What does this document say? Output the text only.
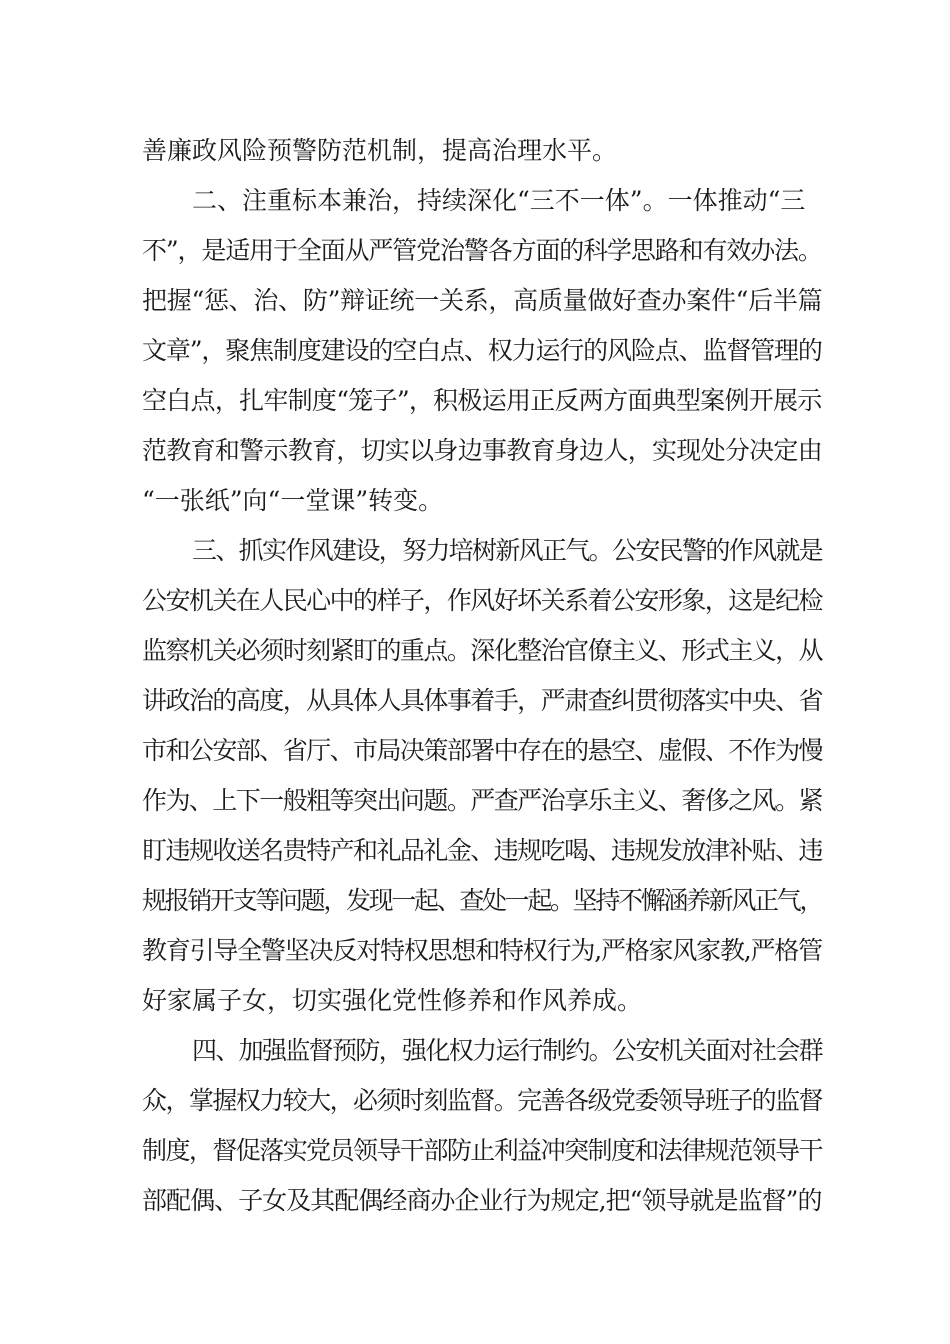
善廉政风险预警防范机制，提高治理水平。
二、注重标本兼治，持续深化“三不一体”。一体推动“三
不”，是适用于全面从严管党治警各方面的科学思路和有效办法。
把握“惩、治、防”辩证统一关系，高质量做好查办案件“后半篇
文章”，聚焦制度建设的空白点、权力运行的风险点、监督管理的
空白点，扎牢制度“笼子”，积极运用正反两方面典型案例开展示
范教育和警示教育，切实以身边事教育身边人，实现处分决定由
“一张纸”向“一堂课”转变。
三、抓实作风建设，努力培树新风正气。公安民警的作风就是
公安机关在人民心中的样子，作风好坏关系着公安形象，这是纪检
监察机关必须时刻紧盯的重点。深化整治官僚主义、形式主义，从
讲政治的高度，从具体人具体事着手，严肃查纠贯彻落实中央、省
市和公安部、省厅、市局决策部署中存在的悬空、虚假、不作为慢
作为、上下一般粗等突出问题。严查严治享乐主义、奢侈之风。紧
盯违规收送名贵特产和礼品礼金、违规吃喝、违规发放津补贴、违
规报销开支等问题，发现一起、查处一起。坚持不懈涵养新风正气，
教育引导全警坚决反对特权思想和特权行为,严格家风家教,严格管
好家属子女，切实强化党性修养和作风养成。
四、加强监督预防，强化权力运行制约。公安机关面对社会群
众，掌握权力较大，必须时刻监督。完善各级党委领导班子的监督
制度，督促落实党员领导干部防止利益冲突制度和法律规范领导干
部配偶、子女及其配偶经商办企业行为规定,把“领导就是监督”的
